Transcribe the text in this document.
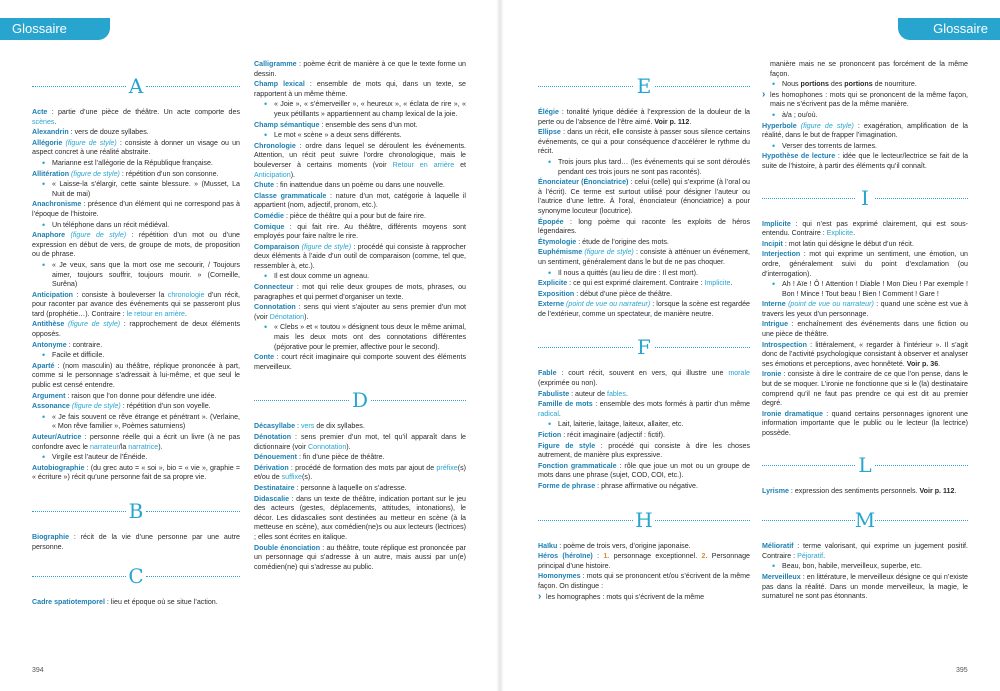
Glossaire
394
A

Acte : partie d’une pièce de théâtre. Un acte comporte des scènes.

Alexandrin : vers de douze syllabes.

Allégorie (figure de style) : consiste à donner un visage ou un aspect concret à une réalité abstraite.

• Marianne est l’allégorie de la République française.

Allitération (figure de style) : répétition d’un son consonne.

• « Laisse-la s’élargir, cette sainte blessure. » (Musset, La Nuit de mai)

Anachronisme : présence d’un élément qui ne correspond pas à l’époque de l’histoire.

• Un téléphone dans un récit médiéval.

Anaphore (figure de style) : répétition d’un mot ou d’une expression en début de vers, de groupe de mots, de proposition ou de phrase.

• « Je veux, sans que la mort ose me secourir, / Toujours aimer, toujours souffrir, toujours mourir. » (Corneille, Surêna)

Anticipation : consiste à bouleverser la chronologie d’un récit, pour raconter par avance des événements qui se passeront plus tard (prophétie…). Contraire : le retour en arrière.

Antithèse (figure de style) : rapprochement de deux éléments opposés.

Antonyme : contraire.

• Facile et difficile.

Aparté : (nom masculin) au théâtre, réplique prononcée à part, comme si le personnage s’adressait à lui-même, et que seul le public est censé entendre.

Argument : raison que l’on donne pour défendre une idée.

Assonance (figure de style) : répétition d’un son voyelle.

• « Je fais souvent ce rêve étrange et pénétrant ». (Verlaine, « Mon rêve familier », Poèmes saturniens)

Auteur/Autrice : personne réelle qui a écrit un livre (à ne pas confondre avec le narrateur/la narratrice).

• Virgile est l’auteur de l’Énéide.

Autobiographie : (du grec auto = « soi », bio = « vie », graphie = « écriture ») récit qu’une personne fait de sa propre vie.

B

Biographie : récit de la vie d’une personne par une autre personne.

C

Cadre spatiotemporel : lieu et époque où se situe l’action.

Calligramme : poème écrit de manière à ce que le texte forme un dessin.

Champ lexical : ensemble de mots qui, dans un texte, se rapportent à un même thème.

• « Joie », « s’émerveiller », « heureux », « éclata de rire », « yeux pétillants » appartiennent au champ lexical de la joie.

Champ sémantique : ensemble des sens d’un mot.

• Le mot « scène » a deux sens différents.

Chronologie : ordre dans lequel se déroulent les événements. Attention, un récit peut suivre l’ordre chronologique, mais le bouleverser à certains moments (voir Retour en arrière et Anticipation).

Chute : fin inattendue dans un poème ou dans une nouvelle.

Classe grammaticale : nature d’un mot, catégorie à laquelle il appartient (nom, adjectif, pronom, etc.).

Comédie : pièce de théâtre qui a pour but de faire rire.

Comique : qui fait rire. Au théâtre, différents moyens sont employés pour faire naître le rire.

Comparaison (figure de style) : procédé qui consiste à rapprocher deux éléments à l’aide d’un outil de comparaison (comme, tel que, ressembler à, etc.).

• Il est doux comme un agneau.

Connecteur : mot qui relie deux groupes de mots, phrases, ou paragraphes et qui permet d’organiser un texte.

Connotation : sens qui vient s’ajouter au sens premier d’un mot (voir Dénotation).

• « Clebs » et « toutou » désignent tous deux le même animal, mais les deux mots ont des connotations différentes (péjorative pour le premier, affective pour le second).

Conte : court récit imaginaire qui comporte souvent des éléments merveilleux.

D

Décasyllabe : vers de dix syllabes.

Dénotation : sens premier d’un mot, tel qu’il apparaît dans le dictionnaire (voir Connotation).

Dénouement : fin d’une pièce de théâtre.

Dérivation : procédé de formation des mots par ajout de préfixe(s) et/ou de suffixe(s).

Destinataire : personne à laquelle on s’adresse.

Didascalie : dans un texte de théâtre, indication portant sur le jeu des acteurs (gestes, déplacements, attitudes, intonations), le décor. Les didascalies sont destinées au metteur en scène (à la metteuse en scène), aux comédien(ne)s ou aux lecteurs (lectrices) ; elles sont écrites en italique.

Double énonciation : au théâtre, toute réplique est prononcée par un personnage qui s’adresse à un autre, mais aussi par un(e) comédien(ne) qui s’adresse au public.

Glossaire
395
E

Élégie : tonalité lyrique dédiée à l’expression de la douleur de la perte ou de l’absence de l’être aimé. Voir p. 112.

Ellipse : dans un récit, elle consiste à passer sous silence certains événements, ce qui a pour conséquence d’accélérer le rythme du récit.

• Trois jours plus tard… (les événements qui se sont déroulés pendant ces trois jours ne sont pas racontés).

Énonciateur (Énonciatrice) : celui (celle) qui s’exprime (à l’oral ou à l’écrit). Ce terme est surtout utilisé pour désigner l’auteur ou l’autrice d’une lettre. À l’oral, énonciateur (énonciatrice) a pour synonyme locuteur (locutrice).

Épopée : long poème qui raconte les exploits de héros légendaires.

Étymologie : étude de l’origine des mots.

Euphémisme (figure de style) : consiste à atténuer un événement, un sentiment, généralement dans le but de ne pas choquer.

• Il nous a quittés (au lieu de dire : Il est mort).

Explicite : ce qui est exprimé clairement. Contraire : Implicite.

Exposition : début d’une pièce de théâtre.

Externe (point de vue ou narrateur) : lorsque la scène est regardée de l’extérieur, comme un spectateur, de manière neutre.

F

Fable : court récit, souvent en vers, qui illustre une morale (exprimée ou non).

Fabuliste : auteur de fables.

Famille de mots : ensemble des mots formés à partir d’un même radical.

• Lait, laiterie, laitage, laiteux, allaiter, etc.

Fiction : récit imaginaire (adjectif : fictif).

Figure de style : procédé qui consiste à dire les choses autrement, de manière plus expressive.

Fonction grammaticale : rôle que joue un mot ou un groupe de mots dans une phrase (sujet, COD, COI, etc.).

Forme de phrase : phrase affirmative ou négative.

H

Haïku : poème de trois vers, d’origine japonaise.

Héros (héroïne) : 1. personnage exceptionnel. 2. Personnage principal d’une histoire.

Homonymes : mots qui se prononcent et/ou s’écrivent de la même façon. On distingue :

› les homographes : mots qui s’écrivent de la même

manière mais ne se prononcent pas forcément de la même façon.

• Nous portions des portions de nourriture.

› les homophones : mots qui se prononcent de la même façon, mais ne s’écrivent pas de la même manière.

• à/a ; ou/où.

Hyperbole (figure de style) : exagération, amplification de la réalité, dans le but de frapper l’imagination.

• Verser des torrents de larmes.

Hypothèse de lecture : idée que le lecteur/lectrice se fait de la suite de l’histoire, à partir des éléments qu’il connaît.

I

Implicite : qui n’est pas exprimé clairement, qui est sous-entendu. Contraire : Explicite.

Incipit : mot latin qui désigne le début d’un récit.

Interjection : mot qui exprime un sentiment, une émotion, un ordre, généralement suivi du point d’exclamation (ou d’interrogation).

• Ah ! Aïe ! Ô ! Attention ! Diable ! Mon Dieu ! Par exemple ! Bon ! Mince ! Tout beau ! Bien ! Comment ! Gare !

Interne (point de vue ou narrateur) : quand une scène est vue à travers les yeux d’un personnage.

Intrigue : enchaînement des événements dans une fiction ou une pièce de théâtre.

Introspection : littéralement, « regarder à l’intérieur ». Il s’agit donc de l’activité psychologique consistant à observer et analyser ses émotions et perceptions, avec honnêteté. Voir p. 36.

Ironie : consiste à dire le contraire de ce que l’on pense, dans le but de se moquer. L’ironie ne fonctionne que si le (la) destinataire comprend qu’il ne faut pas prendre ce qui est dit au premier degré.

Ironie dramatique : quand certains personnages ignorent une information importante que le public ou le lecteur (la lectrice) possède.

L

Lyrisme : expression des sentiments personnels. Voir p. 112.

M

Mélioratif : terme valorisant, qui exprime un jugement positif. Contraire : Péjoratif.

• Beau, bon, habile, merveilleux, superbe, etc.

Merveilleux : en littérature, le merveilleux désigne ce qui n’existe pas dans la réalité. Dans un monde merveilleux, la magie, le surnaturel ne sont pas étonnants.
